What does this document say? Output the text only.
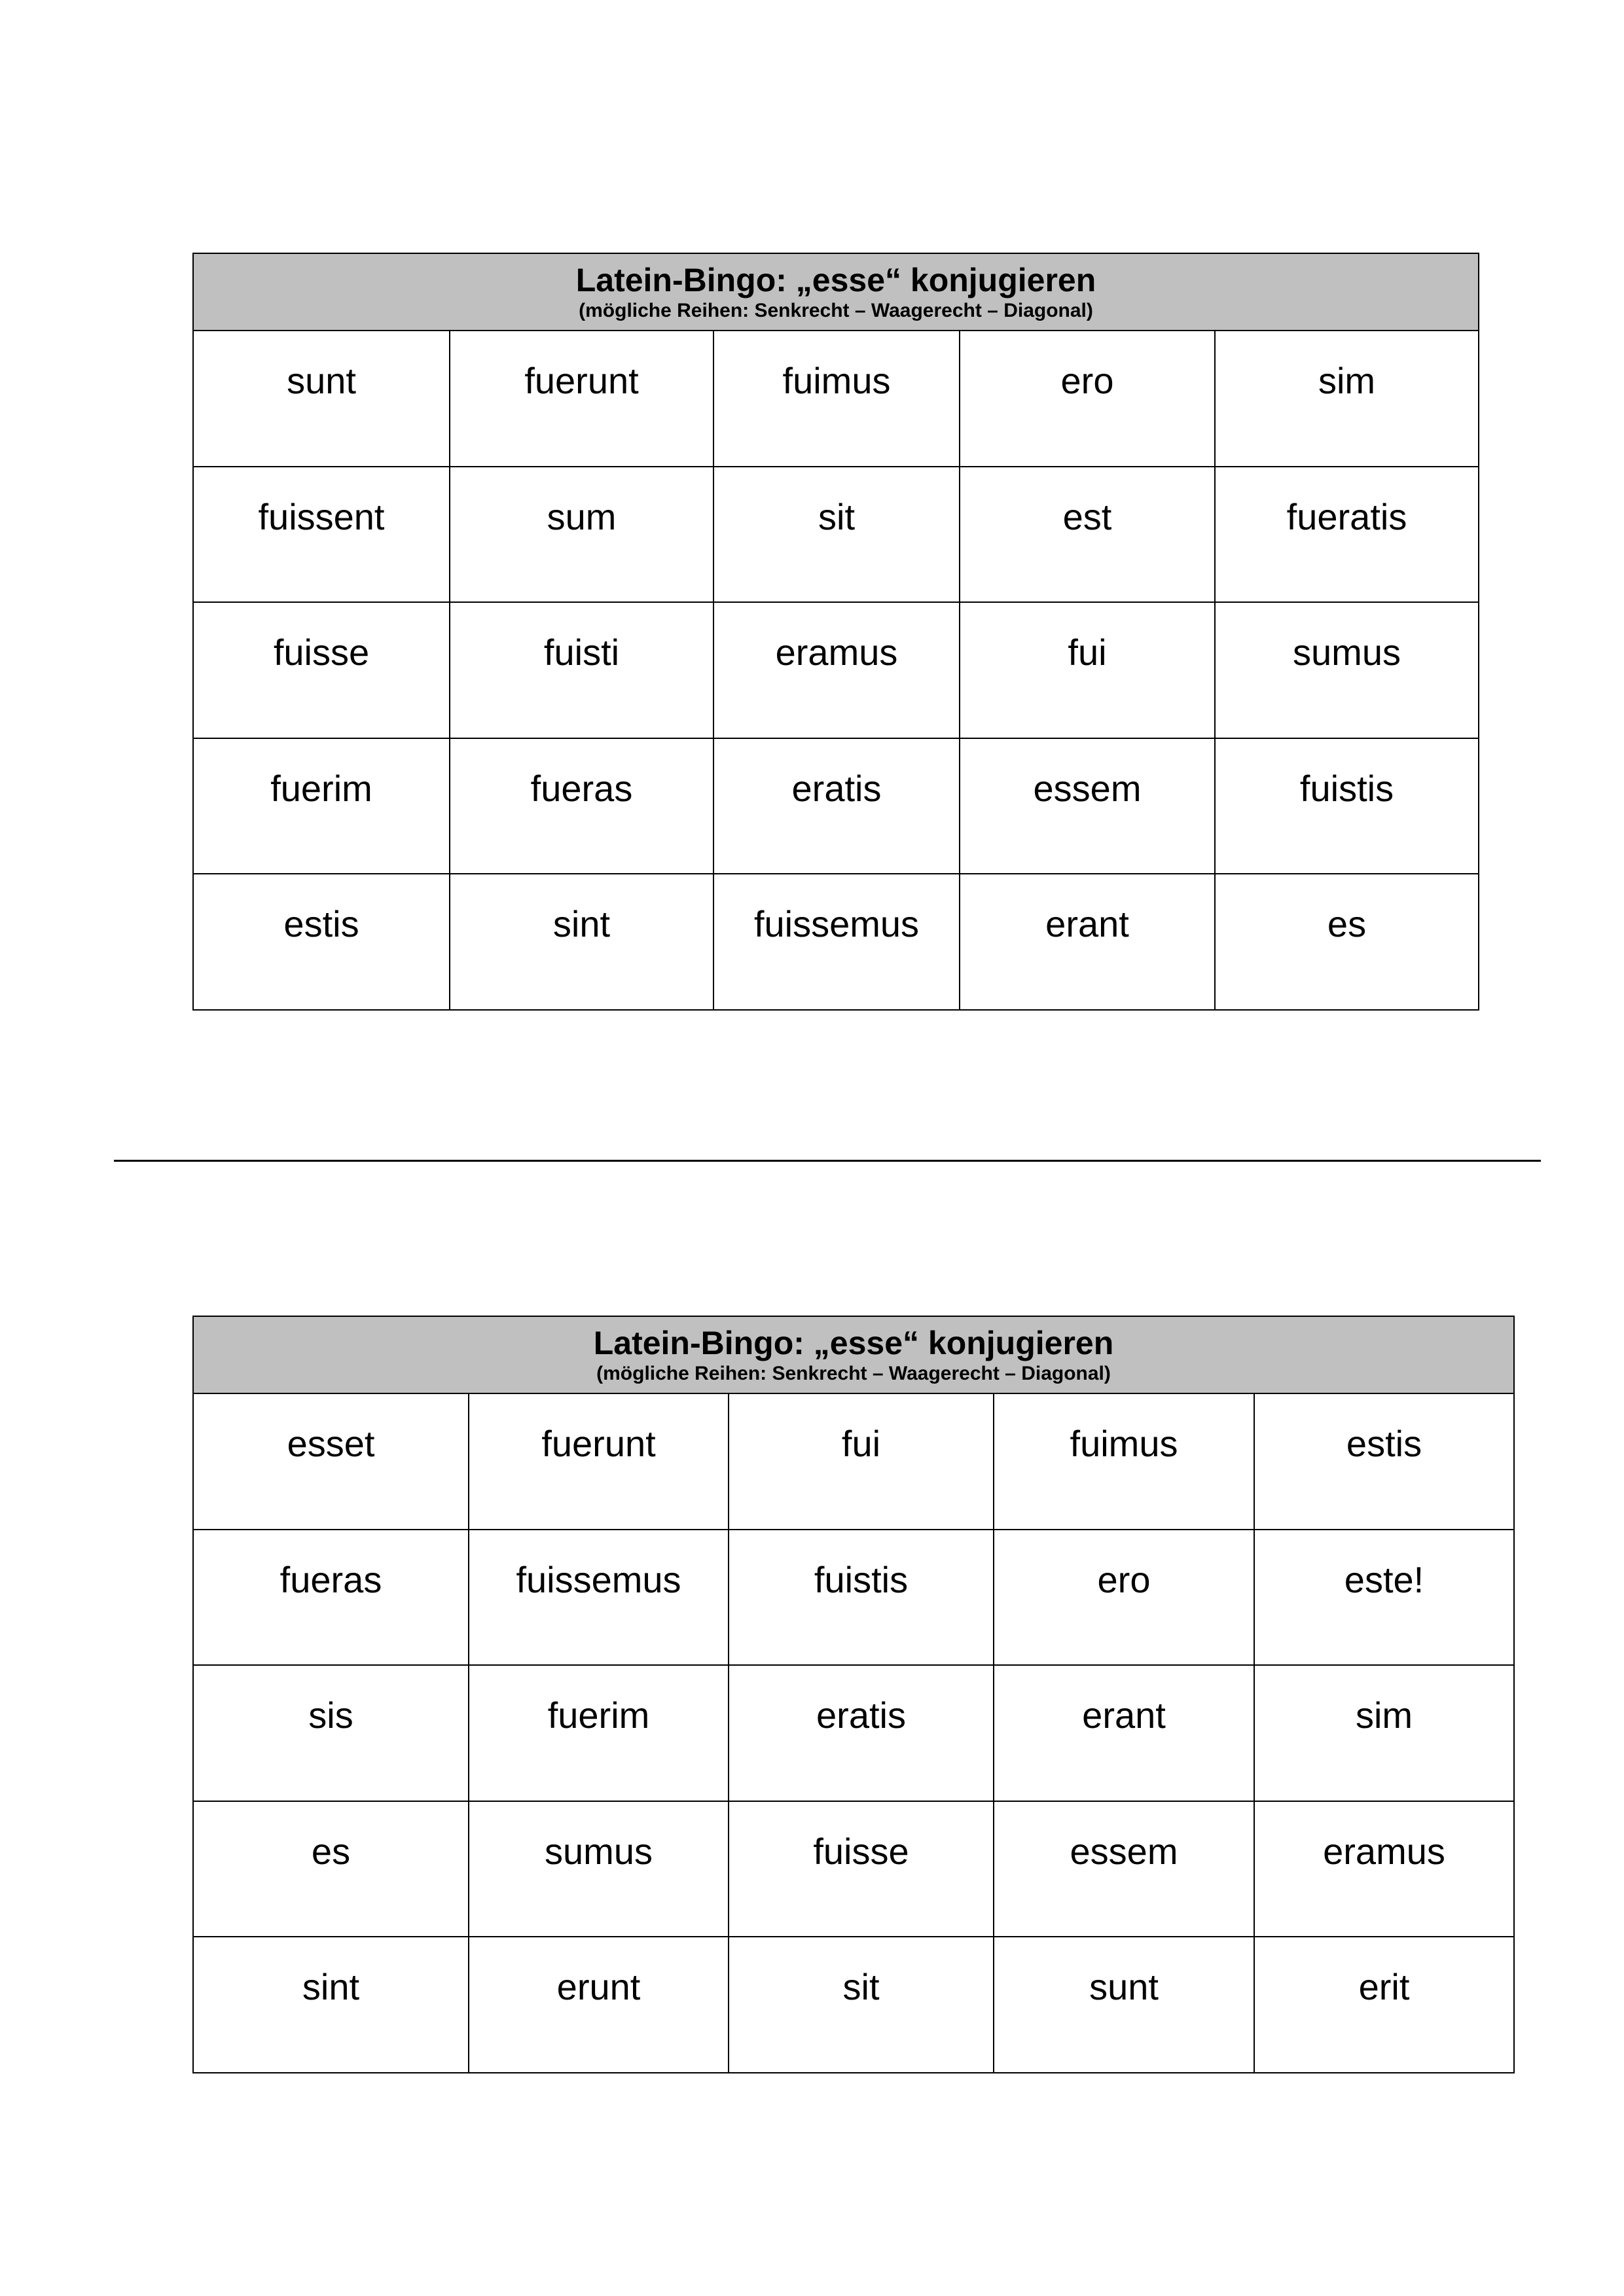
Latein-Bingo: „esse“ konjugieren
(mögliche Reihen: Senkrecht – Waagerecht – Diagonal)
sunt	fuerunt	fuimus	ero	sim
fuissent	sum	sit	est	fueratis
fuisse	fuisti	eramus	fui	sumus
fuerim	fueras	eratis	essem	fuistis
estis	sint	fuissemus	erant	es
Latein-Bingo: „esse“ konjugieren
(mögliche Reihen: Senkrecht – Waagerecht – Diagonal)
esset	fuerunt	fui	fuimus	estis
fueras	fuissemus	fuistis	ero	este!
sis	fuerim	eratis	erant	sim
es	sumus	fuisse	essem	eramus
sint	erunt	sit	sunt	erit
